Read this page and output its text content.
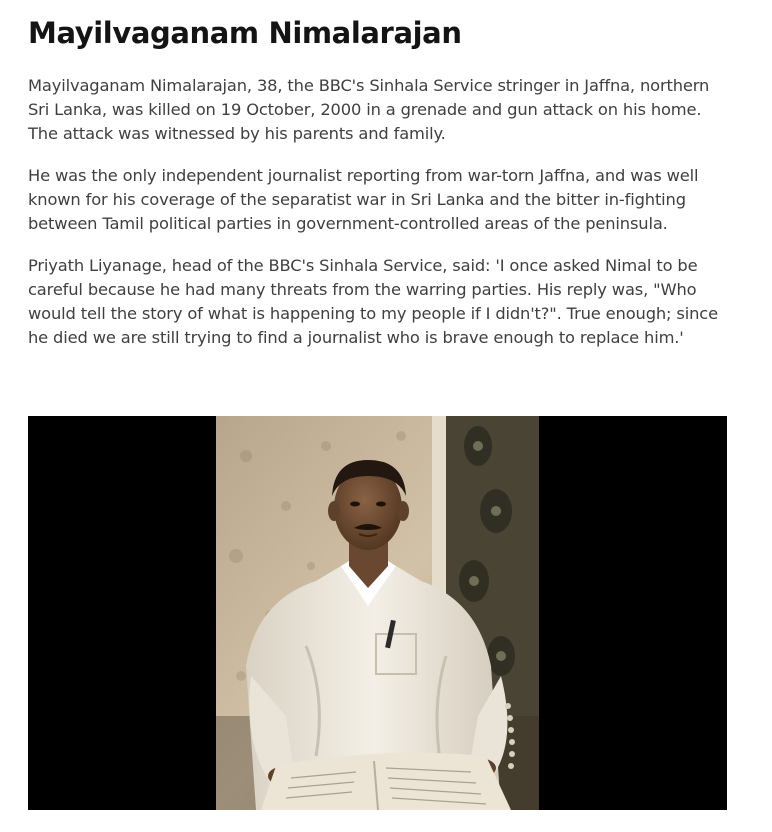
Mayilvaganam Nimalarajan

Mayilvaganam Nimalarajan, 38, the BBC's Sinhala Service stringer in Jaffna, northern Sri Lanka, was killed on 19 October, 2000 in a grenade and gun attack on his home. The attack was witnessed by his parents and family.

He was the only independent journalist reporting from war-torn Jaffna, and was well known for his coverage of the separatist war in Sri Lanka and the bitter in-fighting between Tamil political parties in government-controlled areas of the peninsula.

Priyath Liyanage, head of the BBC's Sinhala Service, said: 'I once asked Nimal to be careful because he had many threats from the warring parties. His reply was, "Who would tell the story of what is happening to my people if I didn't?". True enough; since he died we are still trying to find a journalist who is brave enough to replace him.'
